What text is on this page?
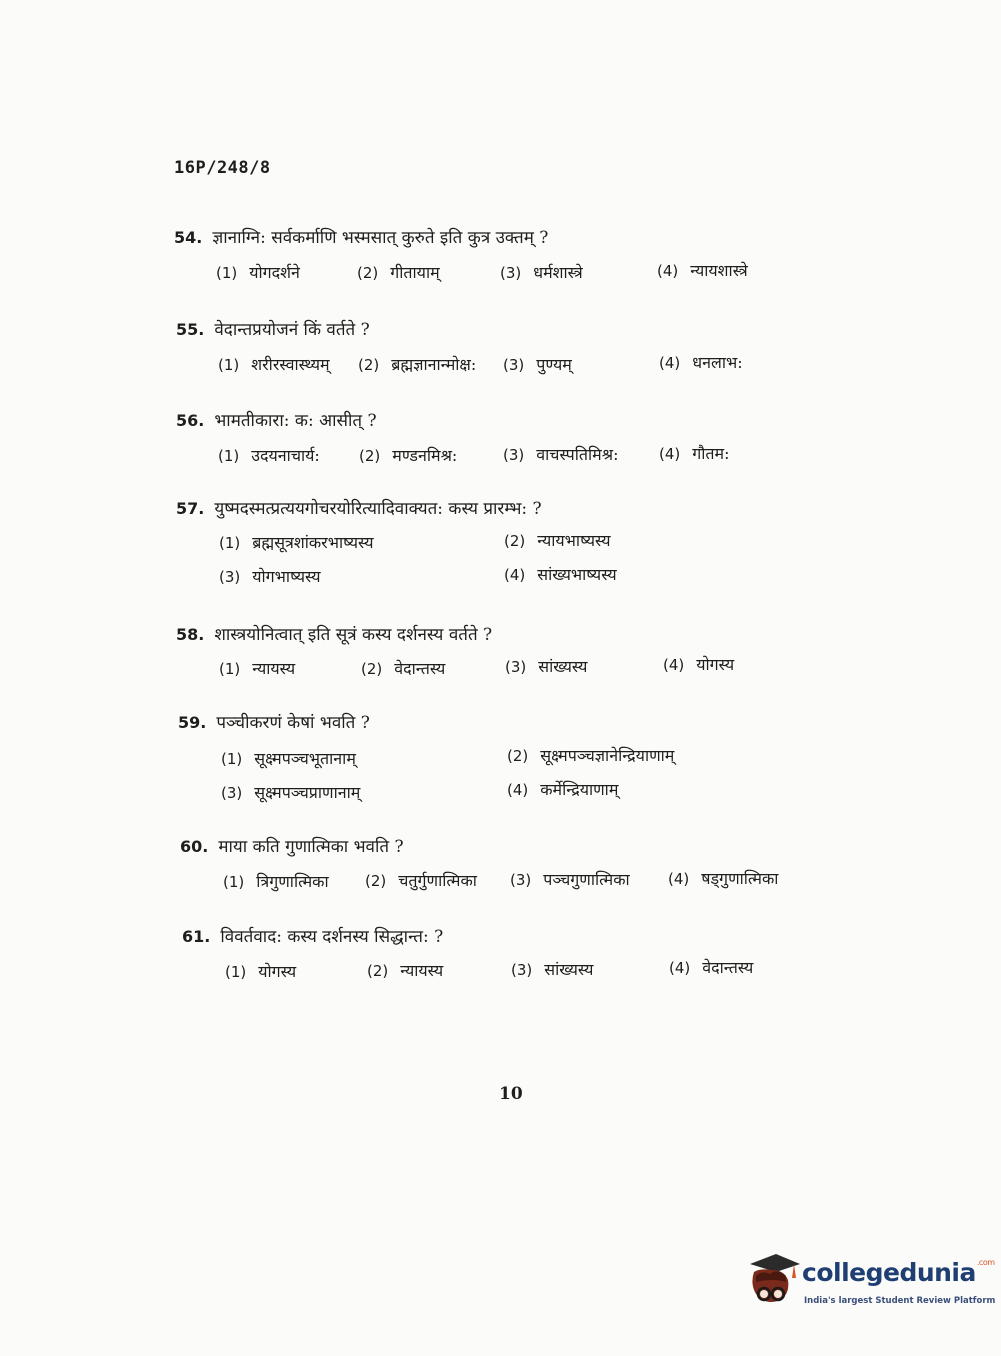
16P/248/8
54. ज्ञानाग्नि: सर्वकर्माणि भस्मसात् कुरुते इति कुत्र उक्तम् ?
(1) योगदर्शने	(2) गीतायाम्	(3) धर्मशास्त्रे	(4) न्यायशास्त्रे
55. वेदान्तप्रयोजनं किं वर्तते ?
(1) शरीरस्वास्थ्यम् (2) ब्रह्मज्ञानान्मोक्ष: (3) पुण्यम्	(4) धनलाभ:
56. भामतीकारा: क: आसीत् ?
(1) उदयनाचार्य:	(2) मण्डनमिश्र:	(3) वाचस्पतिमिश्र:	(4) गौतम:
57. युष्मदस्मत्प्रत्ययगोचरयोरित्यादिवाक्यत: कस्य प्रारम्भ: ?
(1) ब्रह्मसूत्रशांकरभाष्यस्य	(2) न्यायभाष्यस्य
(3) योगभाष्यस्य	(4) सांख्यभाष्यस्य
58. शास्त्रयोनित्वात् इति सूत्रं कस्य दर्शनस्य वर्तते ?
(1) न्यायस्य	(2) वेदान्तस्य	(3) सांख्यस्य	(4) योगस्य
59. पञ्चीकरणं केषां भवति ?
(1) सूक्ष्मपञ्चभूतानाम्	(2) सूक्ष्मपञ्चज्ञानेन्द्रियाणाम्
(3) सूक्ष्मपञ्चप्राणानाम्	(4) कर्मेन्द्रियाणाम्
60. माया कति गुणात्मिका भवति ?
(1) त्रिगुणात्मिका (2) चतुर्गुणात्मिका (3) पञ्चगुणात्मिका	(4) षड्गुणात्मिका
61. विवर्तवाद: कस्य दर्शनस्य सिद्धान्त: ?
(1) योगस्य	(2) न्यायस्य	(3) सांख्यस्य	(4) वेदान्तस्य
10
collegedunia$^{.com}$
India's largest Student Review Platform
